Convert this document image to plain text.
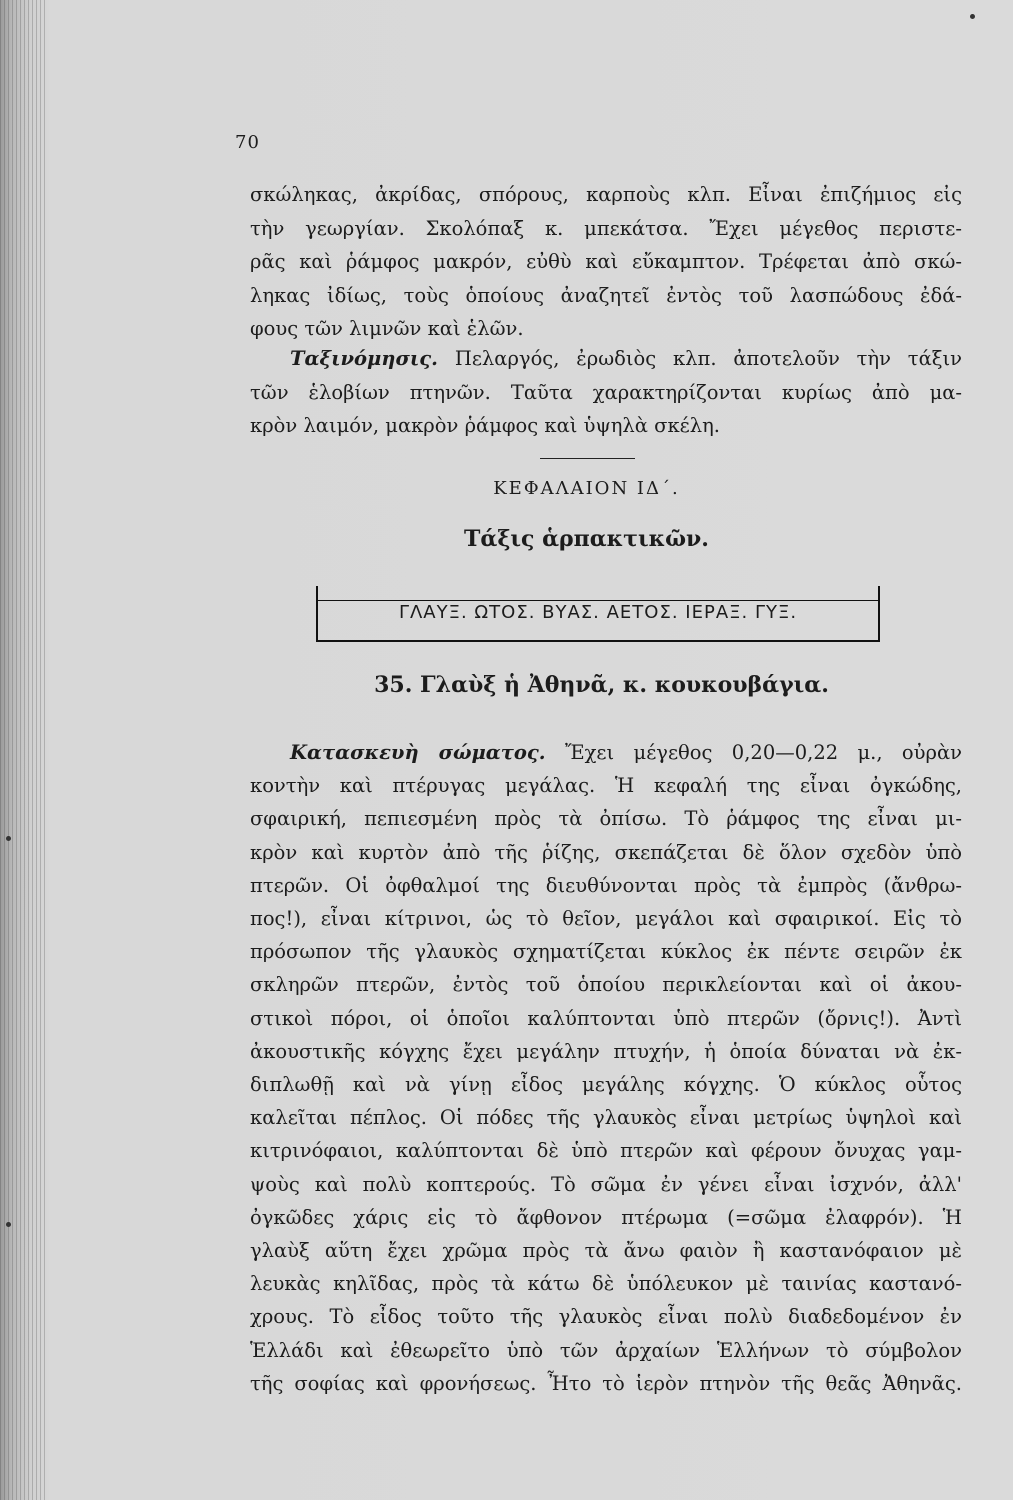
70
σκώληκας, ἀκρίδας, σπόρους, καρποὺς κλπ. Εἶναι ἐπιζήμιος εἰς
τὴν γεωργίαν. Σκολόπαξ κ. μπεκάτσα. Ἔχει μέγεθος περιστε-
ρᾶς καὶ ῥάμφος μακρόν, εὐθὺ καὶ εὔκαμπτον. Τρέφεται ἀπὸ σκώ-
ληκας ἰδίως, τοὺς ὁποίους ἀναζητεῖ ἐντὸς τοῦ λασπώδους ἐδά-
φους τῶν λιμνῶν καὶ ἑλῶν.
Ταξινόμησις. Πελαργός, ἐρωδιὸς κλπ. ἀποτελοῦν τὴν τάξιν
τῶν ἑλοβίων πτηνῶν. Ταῦτα χαρακτηρίζονται κυρίως ἀπὸ μα-
κρὸν λαιμόν, μακρὸν ῥάμφος καὶ ὑψηλὰ σκέλη.
ΚΕΦΑΛΑΙΟΝ ΙΔ΄.
Τάξις ἁρπακτικῶν.
ΓΛΑΥΞ. ΩΤΟΣ. ΒΥΑΣ. ΑΕΤΟΣ. ΙΕΡΑΞ. ΓΥΞ.
35. Γλαὺξ ἡ Ἀθηνᾶ, κ. κουκουβάγια.
Κατασκευὴ σώματος. Ἔχει μέγεθος 0,20—0,22 μ., οὐρὰν
κοντὴν καὶ πτέρυγας μεγάλας. Ἡ κεφαλή της εἶναι ὀγκώδης,
σφαιρική, πεπιεσμένη πρὸς τὰ ὀπίσω. Τὸ ῥάμφος της εἶναι μι-
κρὸν καὶ κυρτὸν ἀπὸ τῆς ῥίζης, σκεπάζεται δὲ ὅλον σχεδὸν ὑπὸ
πτερῶν. Οἱ ὀφθαλμοί της διευθύνονται πρὸς τὰ ἐμπρὸς (ἄνθρω-
πος!), εἶναι κίτρινοι, ὡς τὸ θεῖον, μεγάλοι καὶ σφαιρικοί. Εἰς τὸ
πρόσωπον τῆς γλαυκὸς σχηματίζεται κύκλος ἐκ πέντε σειρῶν ἐκ
σκληρῶν πτερῶν, ἐντὸς τοῦ ὁποίου περικλείονται καὶ οἱ ἀκου-
στικοὶ πόροι, οἱ ὁποῖοι καλύπτονται ὑπὸ πτερῶν (ὄρνις!). Ἀντὶ
ἀκουστικῆς κόγχης ἔχει μεγάλην πτυχήν, ἡ ὁποία δύναται νὰ ἐκ-
διπλωθῇ καὶ νὰ γίνῃ εἶδος μεγάλης κόγχης. Ὁ κύκλος οὗτος
καλεῖται πέπλος. Οἱ πόδες τῆς γλαυκὸς εἶναι μετρίως ὑψηλοὶ καὶ
κιτρινόφαιοι, καλύπτονται δὲ ὑπὸ πτερῶν καὶ φέρουν ὄνυχας γαμ-
ψοὺς καὶ πολὺ κοπτερούς. Τὸ σῶμα ἐν γένει εἶναι ἰσχνόν, ἀλλ'
ὀγκῶδες χάρις εἰς τὸ ἄφθονον πτέρωμα (=σῶμα ἐλαφρόν). Ἡ
γλαὺξ αὕτη ἔχει χρῶμα πρὸς τὰ ἄνω φαιὸν ἢ καστανόφαιον μὲ
λευκὰς κηλῖδας, πρὸς τὰ κάτω δὲ ὑπόλευκον μὲ ταινίας καστανό-
χρους. Τὸ εἶδος τοῦτο τῆς γλαυκὸς εἶναι πολὺ διαδεδομένον ἐν
Ἑλλάδι καὶ ἐθεωρεῖτο ὑπὸ τῶν ἀρχαίων Ἑλλήνων τὸ σύμβολον
τῆς σοφίας καὶ φρονήσεως. Ἦτο τὸ ἱερὸν πτηνὸν τῆς θεᾶς Ἀθηνᾶς.
